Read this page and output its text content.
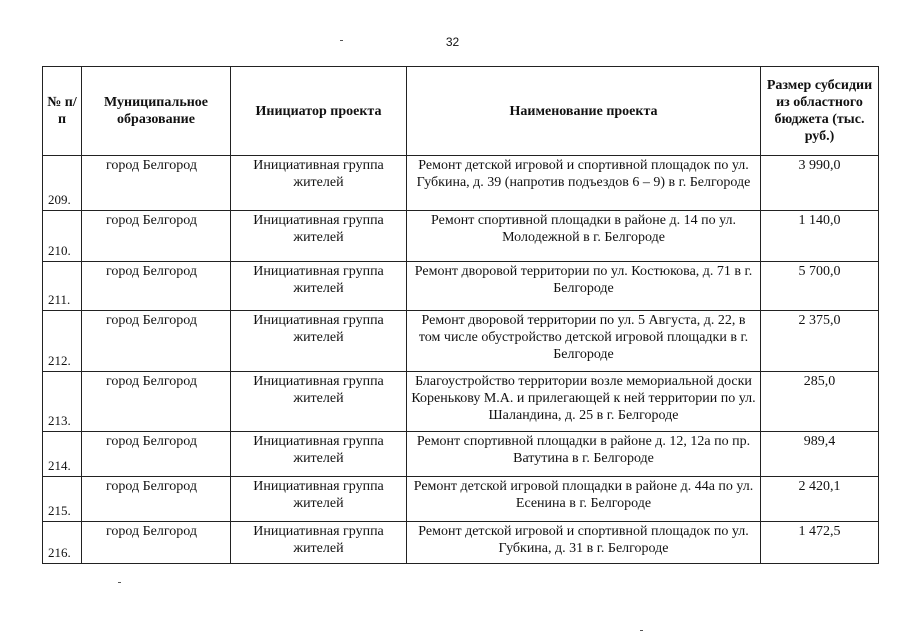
32
№ п/п	Муниципальное образование	Инициатор проекта	Наименование проекта	Размер субсидии из областного бюджета (тыс. руб.)
209.	город Белгород	Инициативная группа жителей	Ремонт детской игровой и спортивной площадок по ул. Губкина, д. 39 (напротив подъездов 6 – 9) в г. Белгороде	3 990,0
210.	город Белгород	Инициативная группа жителей	Ремонт спортивной площадки в районе д. 14 по ул. Молодежной в г. Белгороде	1 140,0
211.	город Белгород	Инициативная группа жителей	Ремонт дворовой территории по ул. Костюкова, д. 71 в г. Белгороде	5 700,0
212.	город Белгород	Инициативная группа жителей	Ремонт дворовой территории по ул. 5 Августа, д. 22, в том числе обустройство детской игровой площадки в г. Белгороде	2 375,0
213.	город Белгород	Инициативная группа жителей	Благоустройство территории возле мемориальной доски Коренькову М.А. и прилегающей к ней территории по ул. Шаландина, д. 25 в г. Белгороде	285,0
214.	город Белгород	Инициативная группа жителей	Ремонт спортивной площадки в районе д. 12, 12а по пр. Ватутина в г. Белгороде	989,4
215.	город Белгород	Инициативная группа жителей	Ремонт детской игровой площадки в районе д. 44а по ул. Есенина в г. Белгороде	2 420,1
216.	город Белгород	Инициативная группа жителей	Ремонт детской игровой и спортивной площадок по ул. Губкина, д. 31 в г. Белгороде	1 472,5
